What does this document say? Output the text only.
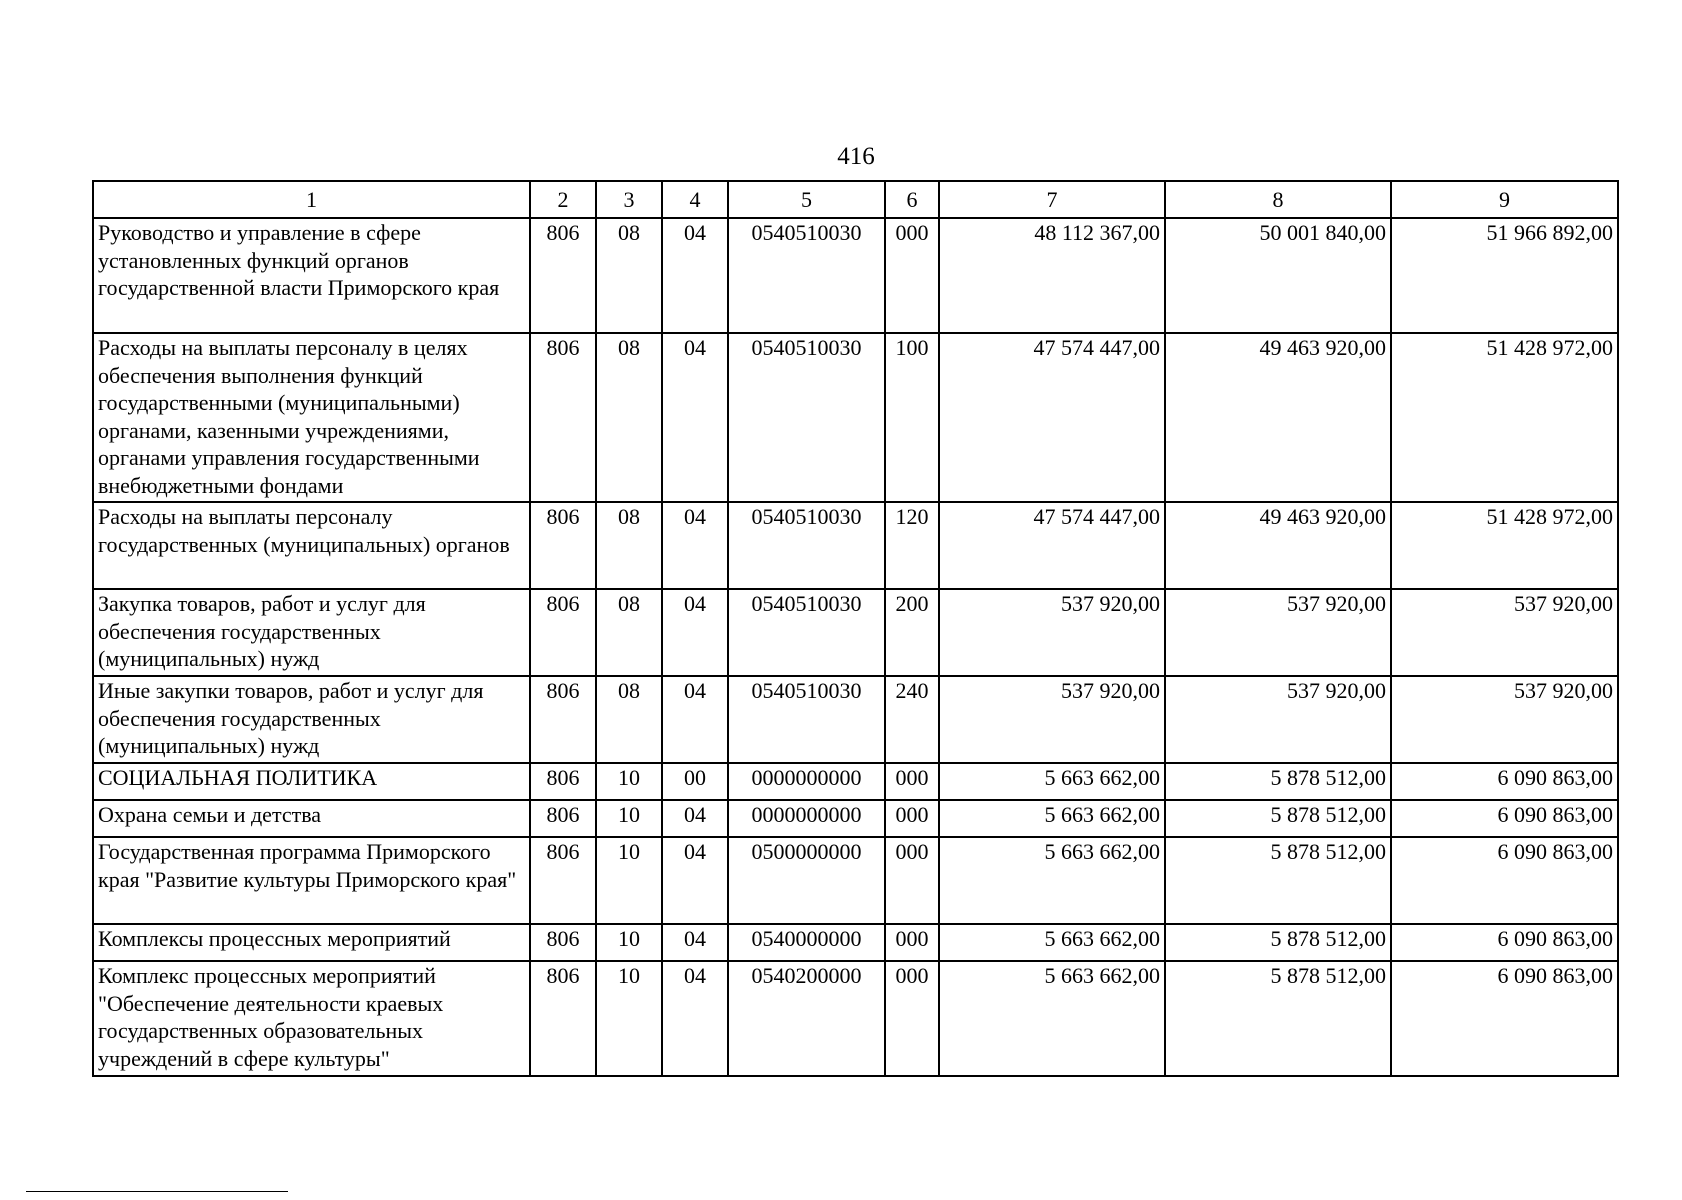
416
1	2	3	4	5	6	7	8	9
Руководство и управление в сфере установленных функций органов государственной власти Приморского края	806	08	04	0540510030	000	48 112 367,00	50 001 840,00	51 966 892,00
Расходы на выплаты персоналу в целях обеспечения выполнения функций государственными (муниципальными) органами, казенными учреждениями, органами управления государственными внебюджетными фондами	806	08	04	0540510030	100	47 574 447,00	49 463 920,00	51 428 972,00
Расходы на выплаты персоналу государственных (муниципальных) органов	806	08	04	0540510030	120	47 574 447,00	49 463 920,00	51 428 972,00
Закупка товаров, работ и услуг для обеспечения государственных (муниципальных) нужд	806	08	04	0540510030	200	537 920,00	537 920,00	537 920,00
Иные закупки товаров, работ и услуг для обеспечения государственных (муниципальных) нужд	806	08	04	0540510030	240	537 920,00	537 920,00	537 920,00
СОЦИАЛЬНАЯ ПОЛИТИКА	806	10	00	0000000000	000	5 663 662,00	5 878 512,00	6 090 863,00
Охрана семьи и детства	806	10	04	0000000000	000	5 663 662,00	5 878 512,00	6 090 863,00
Государственная программа Приморского края "Развитие культуры Приморского края"	806	10	04	0500000000	000	5 663 662,00	5 878 512,00	6 090 863,00
Комплексы процессных мероприятий	806	10	04	0540000000	000	5 663 662,00	5 878 512,00	6 090 863,00
Комплекс процессных мероприятий "Обеспечение деятельности краевых государственных образовательных учреждений в сфере культуры"	806	10	04	0540200000	000	5 663 662,00	5 878 512,00	6 090 863,00
